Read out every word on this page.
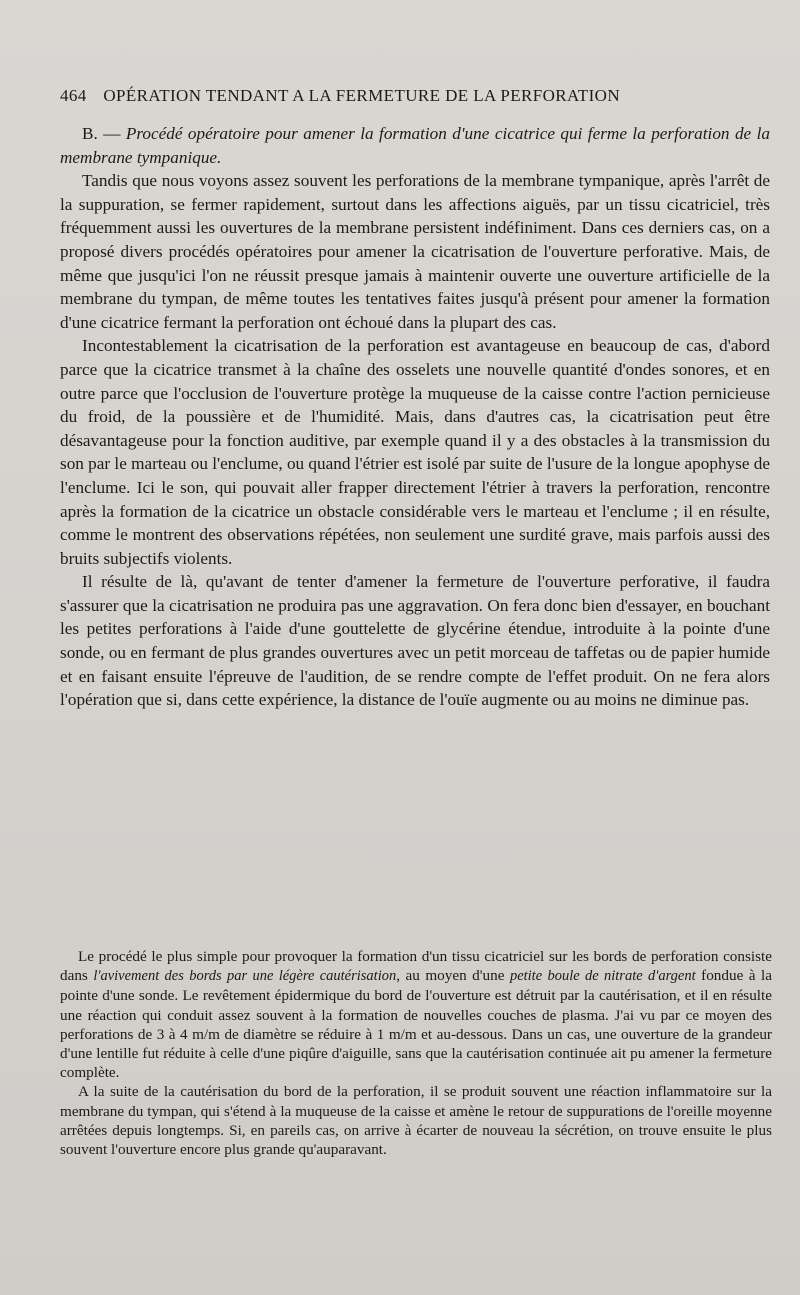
464 OPÉRATION TENDANT A LA FERMETURE DE LA PERFORATION

B. — Procédé opératoire pour amener la formation d'une cicatrice qui ferme la perforation de la membrane tympanique.

Tandis que nous voyons assez souvent les perforations de la membrane tympanique, après l'arrêt de la suppuration, se fermer rapidement, surtout dans les affections aiguës, par un tissu cicatriciel, très fréquemment aussi les ouvertures de la membrane persistent indéfiniment. Dans ces derniers cas, on a proposé divers procédés opératoires pour amener la cicatrisation de l'ouverture perforative. Mais, de même que jusqu'ici l'on ne réussit presque jamais à maintenir ouverte une ouverture artificielle de la membrane du tympan, de même toutes les tentatives faites jusqu'à présent pour amener la formation d'une cicatrice fermant la perforation ont échoué dans la plupart des cas.

Incontestablement la cicatrisation de la perforation est avantageuse en beaucoup de cas, d'abord parce que la cicatrice transmet à la chaîne des osselets une nouvelle quantité d'ondes sonores, et en outre parce que l'occlusion de l'ouverture protège la muqueuse de la caisse contre l'action pernicieuse du froid, de la poussière et de l'humidité. Mais, dans d'autres cas, la cicatrisation peut être désavantageuse pour la fonction auditive, par exemple quand il y a des obstacles à la transmission du son par le marteau ou l'enclume, ou quand l'étrier est isolé par suite de l'usure de la longue apophyse de l'enclume. Ici le son, qui pouvait aller frapper directement l'étrier à travers la perforation, rencontre après la formation de la cicatrice un obstacle considérable vers le marteau et l'enclume ; il en résulte, comme le montrent des observations répétées, non seulement une surdité grave, mais parfois aussi des bruits subjectifs violents.

Il résulte de là, qu'avant de tenter d'amener la fermeture de l'ouverture perforative, il faudra s'assurer que la cicatrisation ne produira pas une aggravation. On fera donc bien d'essayer, en bouchant les petites perforations à l'aide d'une gouttelette de glycérine étendue, introduite à la pointe d'une sonde, ou en fermant de plus grandes ouvertures avec un petit morceau de taffetas ou de papier humide et en faisant ensuite l'épreuve de l'audition, de se rendre compte de l'effet produit. On ne fera alors l'opération que si, dans cette expérience, la distance de l'ouïe augmente ou au moins ne diminue pas.

Le procédé le plus simple pour provoquer la formation d'un tissu cicatriciel sur les bords de perforation consiste dans l'avivement des bords par une légère cautérisation, au moyen d'une petite boule de nitrate d'argent fondue à la pointe d'une sonde. Le revêtement épidermique du bord de l'ouverture est détruit par la cautérisation, et il en résulte une réaction qui conduit assez souvent à la formation de nouvelles couches de plasma. J'ai vu par ce moyen des perforations de 3 à 4 m/m de diamètre se réduire à 1 m/m et au-dessous. Dans un cas, une ouverture de la grandeur d'une lentille fut réduite à celle d'une piqûre d'aiguille, sans que la cautérisation continuée ait pu amener la fermeture complète.

A la suite de la cautérisation du bord de la perforation, il se produit souvent une réaction inflammatoire sur la membrane du tympan, qui s'étend à la muqueuse de la caisse et amène le retour de suppurations de l'oreille moyenne arrêtées depuis longtemps. Si, en pareils cas, on arrive à écarter de nouveau la sécrétion, on trouve ensuite le plus souvent l'ouverture encore plus grande qu'auparavant.
